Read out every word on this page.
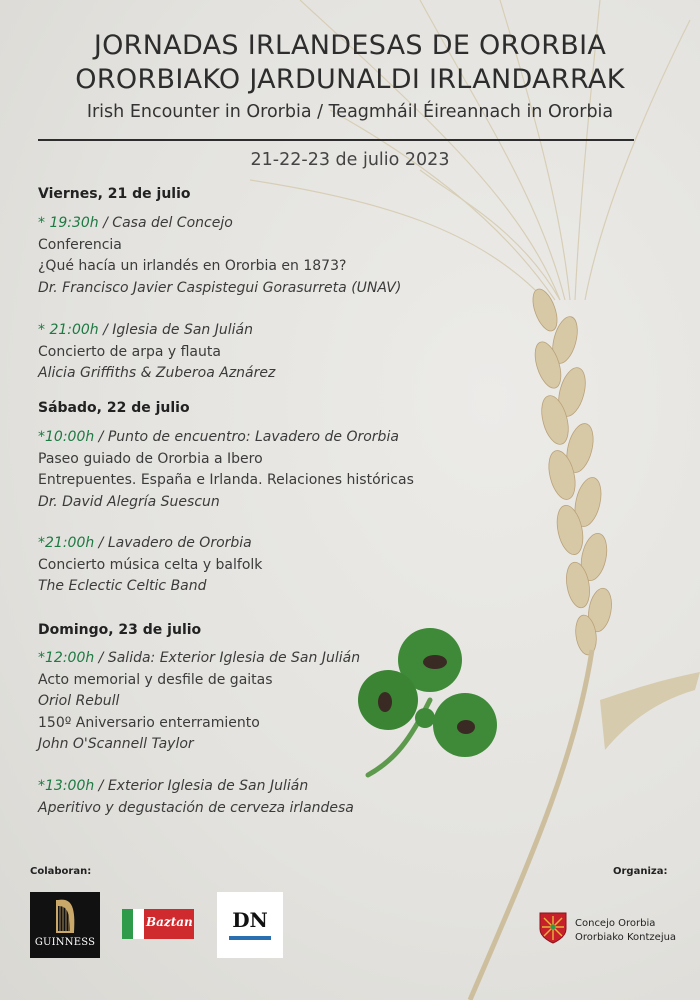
JORNADAS IRLANDESAS DE ORORBIA
ORORBIAKO JARDUNALDI IRLANDARRAK
Irish Encounter in Ororbia / Teagmháil Éireannach in Ororbia
21-22-23 de julio 2023
Viernes, 21 de julio
* 19:30h / Casa del Concejo
Conferencia
¿Qué hacía un irlandés en Ororbia en 1873?
Dr. Francisco Javier Caspistegui Gorasurreta (UNAV)
* 21:00h / Iglesia de San Julián
Concierto de arpa y flauta
Alicia Griffiths & Zuberoa Aznárez
Sábado, 22 de julio
*10:00h / Punto de encuentro: Lavadero de Ororbia
Paseo guiado de Ororbia a Ibero
Entrepuentes. España e Irlanda. Relaciones históricas
Dr. David Alegría Suescun
*21:00h / Lavadero de Ororbia
Concierto música celta y balfolk
The Eclectic Celtic Band
Domingo, 23 de julio
*12:00h / Salida: Exterior Iglesia de San Julián
Acto memorial y desfile de gaitas
Oriol Rebull
150º Aniversario enterramiento
John O'Scannell Taylor
*13:00h / Exterior Iglesia de San Julián
Aperitivo y degustación de cerveza irlandesa
Colaboran:	Organiza:
GUINNESS
Baztan	DN	Concejo Ororbia
Ororbiako Kontzejua
